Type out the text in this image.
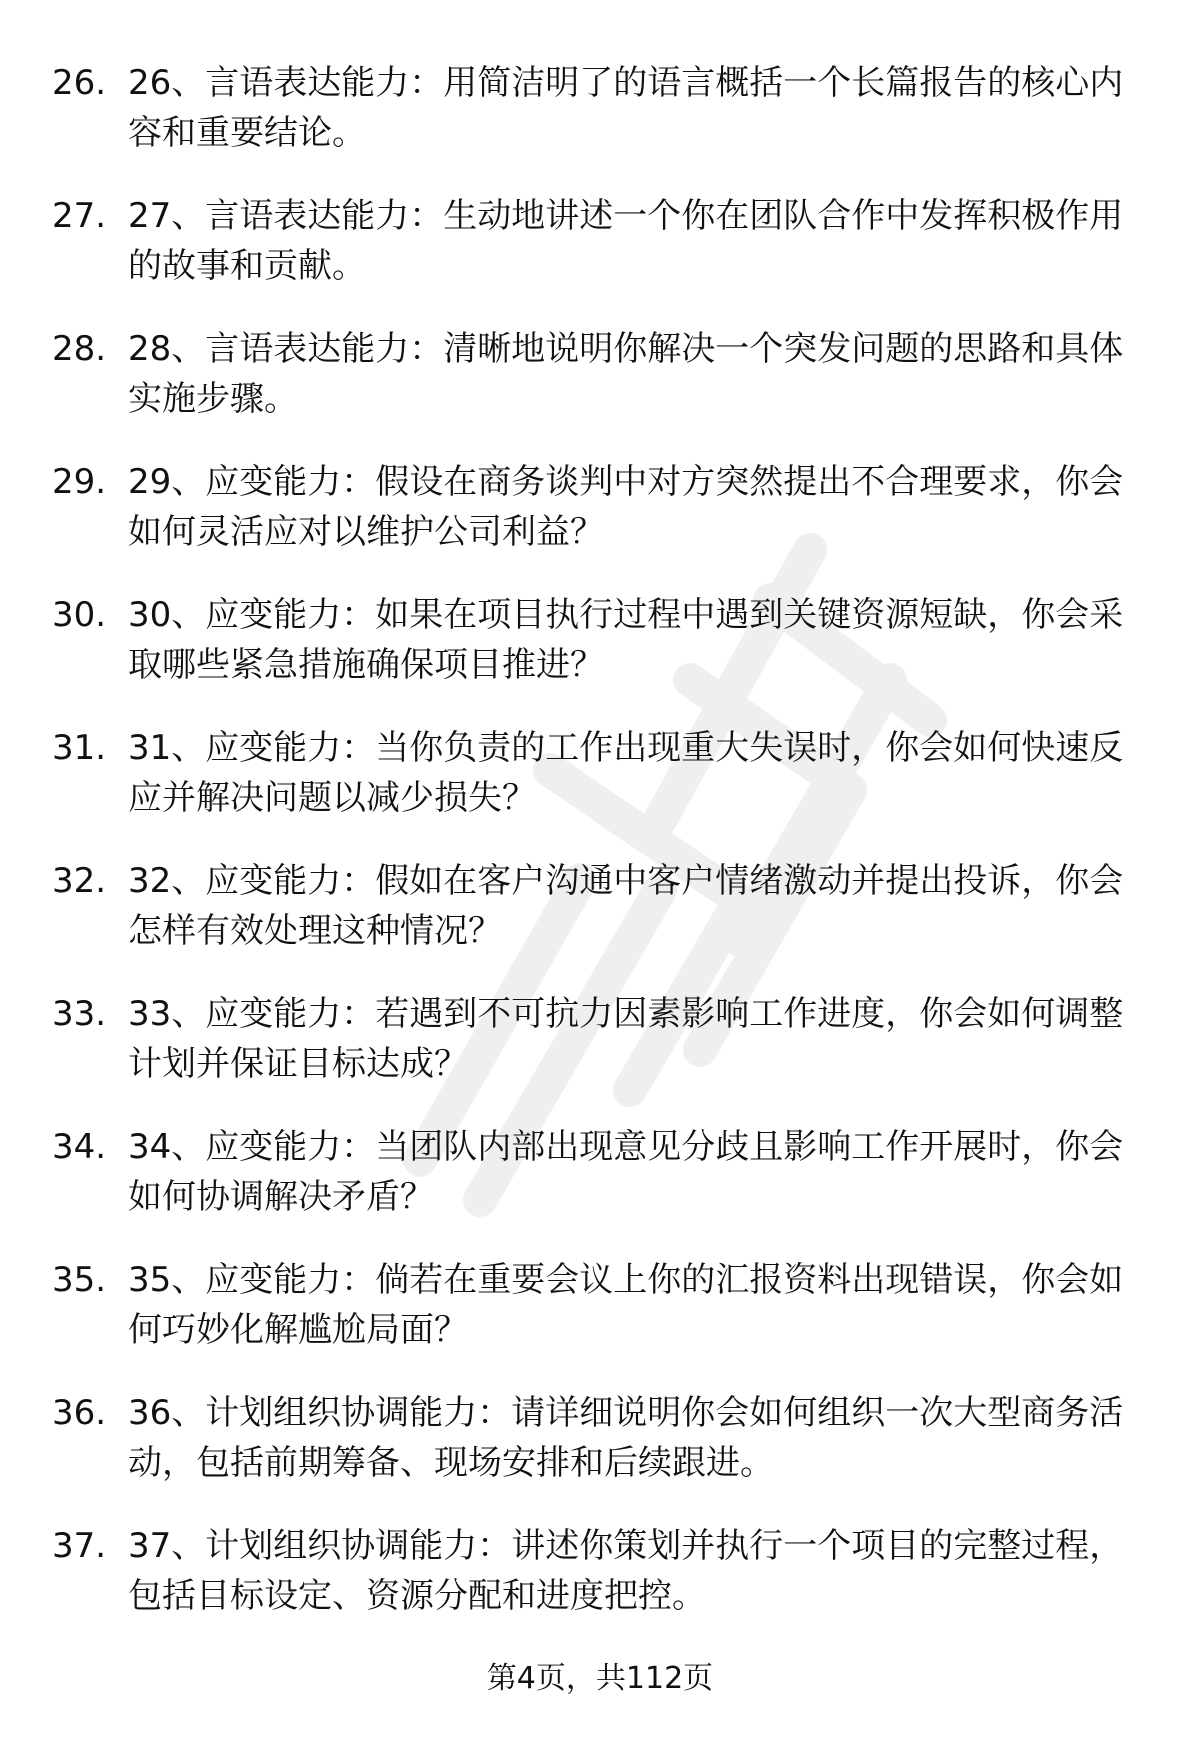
26. 26、言语表达能力：用简洁明了的语言概括一个长篇报告的核心内容和重要结论。
27. 27、言语表达能力：生动地讲述一个你在团队合作中发挥积极作用的故事和贡献。
28. 28、言语表达能力：清晰地说明你解决一个突发问题的思路和具体实施步骤。
29. 29、应变能力：假设在商务谈判中对方突然提出不合理要求，你会如何灵活应对以维护公司利益？
30. 30、应变能力：如果在项目执行过程中遇到关键资源短缺，你会采取哪些紧急措施确保项目推进？
31. 31、应变能力：当你负责的工作出现重大失误时，你会如何快速反应并解决问题以减少损失？
32. 32、应变能力：假如在客户沟通中客户情绪激动并提出投诉，你会怎样有效处理这种情况？
33. 33、应变能力：若遇到不可抗力因素影响工作进度，你会如何调整计划并保证目标达成？
34. 34、应变能力：当团队内部出现意见分歧且影响工作开展时，你会如何协调解决矛盾？
35. 35、应变能力：倘若在重要会议上你的汇报资料出现错误，你会如何巧妙化解尴尬局面？
36. 36、计划组织协调能力：请详细说明你会如何组织一次大型商务活动，包括前期筹备、现场安排和后续跟进。
37. 37、计划组织协调能力：讲述你策划并执行一个项目的完整过程，包括目标设定、资源分配和进度把控。
第4页，共112页
